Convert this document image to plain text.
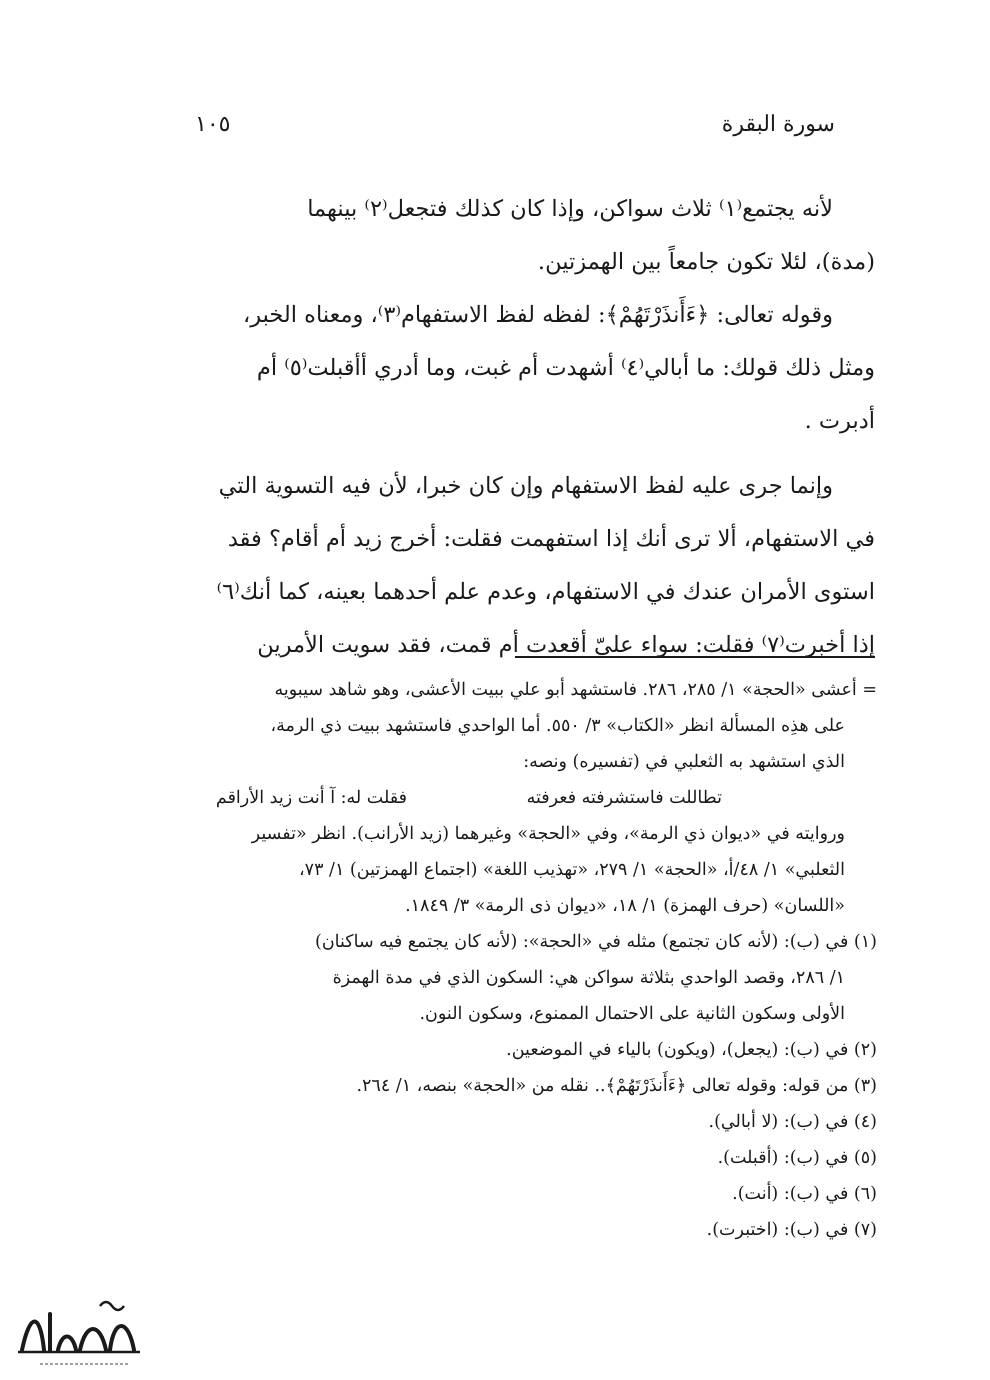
سورة البقرة
١٠٥
لأنه يجتمع⁽١⁾ ثلاث سواكن، وإذا كان كذلك فتجعل⁽٢⁾ بينهما
(مدة)، لئلا تكون جامعاً بين الهمزتين.
وقوله تعالى: ﴿ءَأَنذَرْتَهُمْ﴾: لفظه لفظ الاستفهام⁽٣⁾، ومعناه الخبر،
ومثل ذلك قولك: ما أبالي⁽٤⁾ أشهدت أم غبت، وما أدري أأقبلت⁽٥⁾ أم
أدبرت .
وإنما جرى عليه لفظ الاستفهام وإن كان خبرا، لأن فيه التسوية التي
في الاستفهام، ألا ترى أنك إذا استفهمت فقلت: أخرج زيد أم أقام؟ فقد
استوى الأمران عندك في الاستفهام، وعدم علم أحدهما بعينه، كما أنك⁽٦⁾
إذا أخبرت⁽٧⁾ فقلت: سواء عليّ أقعدت أم قمت، فقد سويت الأمرين
= أعشى «الحجة» ١/ ٢٨٥، ٢٨٦. فاستشهد أبو علي ببيت الأعشى، وهو شاهد سيبويه
على هذِه المسألة انظر «الكتاب» ٣/ ٥٥٠. أما الواحدي فاستشهد ببيت ذي الرمة،
الذي استشهد به الثعلبي في (تفسيره) ونصه:
تطاللت فاستشرفته فعرفته
فقلت له: آ أنت زيد الأراقم
وروايته في «ديوان ذي الرمة»، وفي «الحجة» وغيرهما (زيد الأرانب). انظر «تفسير
الثعلبي» ١/ ٤٨/أ، «الحجة» ١/ ٢٧٩، «تهذيب اللغة» (اجتماع الهمزتين) ١/ ٧٣،
«اللسان» (حرف الهمزة) ١/ ١٨، «ديوان ذى الرمة» ٣/ ١٨٤٩.
(١) في (ب): (لأنه كان تجتمع) مثله في «الحجة»: (لأنه كان يجتمع فيه ساكنان)
١/ ٢٨٦، وقصد الواحدي بثلاثة سواكن هي: السكون الذي في مدة الهمزة
الأولى وسكون الثانية على الاحتمال الممنوع، وسكون النون.
(٢) في (ب): (يجعل)، (ويكون) بالياء في الموضعين.
(٣) من قوله: وقوله تعالى ﴿ءَأَنذَرْتَهُمْ﴾.. نقله من «الحجة» بنصه، ١/ ٢٦٤.
(٤) في (ب): (لا أبالي).
(٥) في (ب): (أقبلت).
(٦) في (ب): (أنت).
(٧) في (ب): (اختبرت).
